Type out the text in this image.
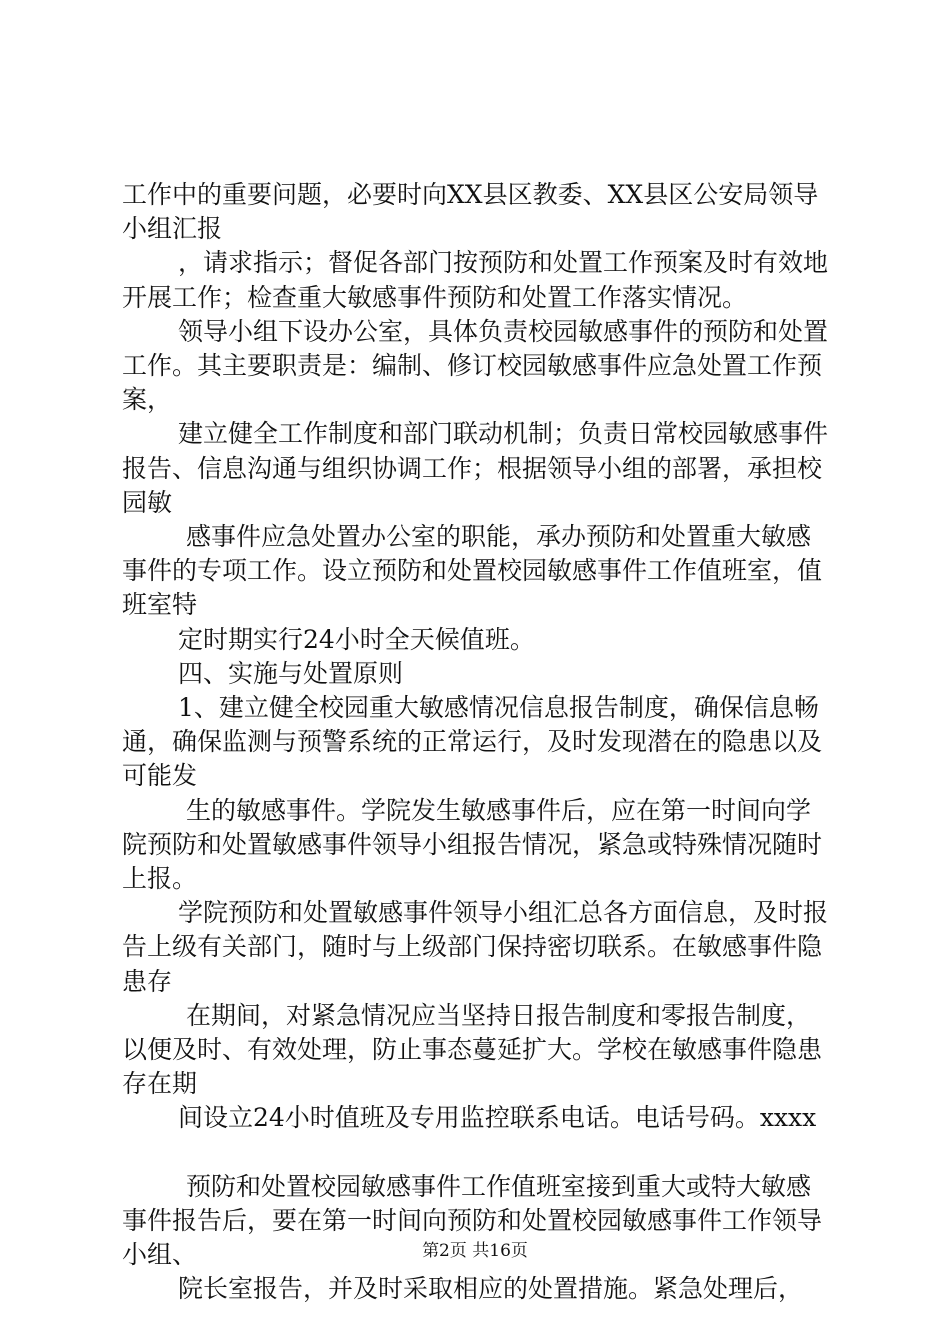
工作中的重要问题，必要时向XX县区教委、XX县区公安局领导小组汇报

，请求指示；督促各部门按预防和处置工作预案及时有效地开展工作；检查重大敏感事件预防和处置工作落实情况。

领导小组下设办公室，具体负责校园敏感事件的预防和处置工作。其主要职责是：编制、修订校园敏感事件应急处置工作预案，

建立健全工作制度和部门联动机制；负责日常校园敏感事件报告、信息沟通与组织协调工作；根据领导小组的部署，承担校园敏

感事件应急处置办公室的职能，承办预防和处置重大敏感事件的专项工作。设立预防和处置校园敏感事件工作值班室，值班室特

定时期实行24小时全天候值班。

四、实施与处置原则

1、建立健全校园重大敏感情况信息报告制度，确保信息畅通，确保监测与预警系统的正常运行，及时发现潜在的隐患以及可能发

生的敏感事件。学院发生敏感事件后，应在第一时间向学院预防和处置敏感事件领导小组报告情况，紧急或特殊情况随时上报。

学院预防和处置敏感事件领导小组汇总各方面信息，及时报告上级有关部门，随时与上级部门保持密切联系。在敏感事件隐患存

在期间，对紧急情况应当坚持日报告制度和零报告制度，以便及时、有效处理，防止事态蔓延扩大。学校在敏感事件隐患存在期

间设立24小时值班及专用监控联系电话。电话号码。xxxx

预防和处置校园敏感事件工作值班室接到重大或特大敏感事件报告后，要在第一时间向预防和处置校园敏感事件工作领导小组、

院长室报告，并及时采取相应的处置措施。紧急处理后，

第2页 共16页
